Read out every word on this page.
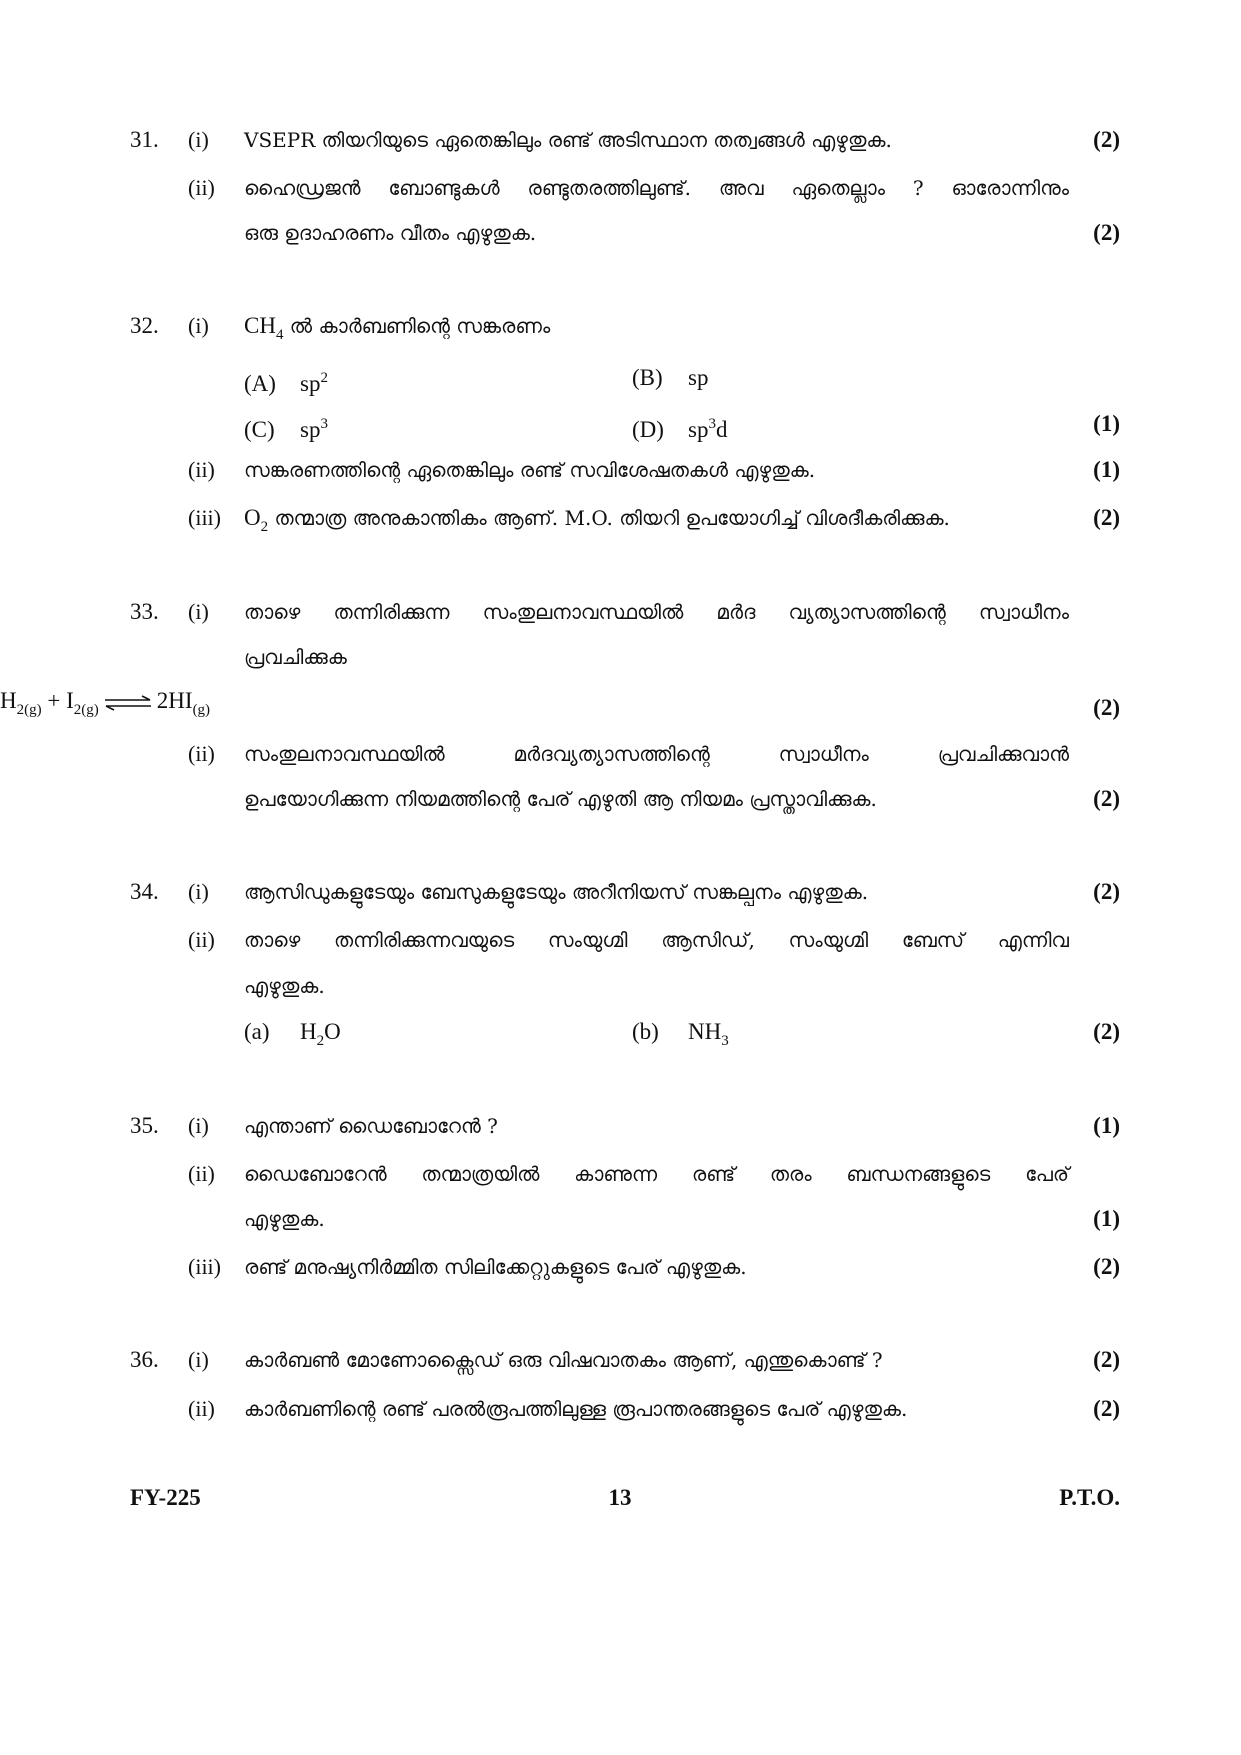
31. (i) VSEPR തിയറിയുടെ ഏതെങ്കിലും രണ്ട് അടിസ്ഥാന തത്വങ്ങൾ എഴുതുക.	(2)
(ii) ഹൈഡ്രജൻ ബോണ്ടുകൾ രണ്ടുതരത്തിലുണ്ട്. അവ ഏതെല്ലാം ? ഓരോന്നിനും
ഒരു ഉദാഹരണം വീതം എഴുതുക.	(2)
32. (i) $CH_4$ ൽ കാർബണിന്റെ സങ്കരണം
(A) $sp^2$	(B) sp
(C) $sp^3$	(D) $sp^3d$	(1)
(ii) സങ്കരണത്തിന്റെ ഏതെങ്കിലും രണ്ട് സവിശേഷതകൾ എഴുതുക.	(1)
(iii) $O_2$ തന്മാത്ര അനുകാന്തികം ആണ്. M.O. തിയറി ഉപയോഗിച്ച് വിശദീകരിക്കുക.	(2)
33. (i) താഴെ തന്നിരിക്കുന്ന സംതുലനാവസ്ഥയിൽ മർദ വ്യത്യാസത്തിന്റെ സ്വാധീനം
പ്രവചിക്കുക
$H_{2(g)} + I_{2(g)}$ ⇌ $2HI_{(g)}$	(2)
(ii) സംതുലനാവസ്ഥയിൽ മർദവ്യത്യാസത്തിന്റെ സ്വാധീനം പ്രവചിക്കുവാൻ
ഉപയോഗിക്കുന്ന നിയമത്തിന്റെ പേര് എഴുതി ആ നിയമം പ്രസ്താവിക്കുക.	(2)
34. (i) ആസിഡുകളുടേയും ബേസുകളുടേയും അറീനിയസ് സങ്കല്പനം എഴുതുക.	(2)
(ii) താഴെ തന്നിരിക്കുന്നവയുടെ സംയുഗ്മി ആസിഡ്, സംയുഗ്മി ബേസ് എന്നിവ
എഴുതുക.
(a) $H_2O$	(b) $NH_3$	(2)
35. (i) എന്താണ് ഡൈബോറേൻ ?	(1)
(ii) ഡൈബോറേൻ തന്മാത്രയിൽ കാണുന്ന രണ്ട് തരം ബന്ധനങ്ങളുടെ പേര്
എഴുതുക.	(1)
(iii) രണ്ട് മനുഷ്യനിർമ്മിത സിലിക്കേറ്റുകളുടെ പേര് എഴുതുക.	(2)
36. (i) കാർബൺ മോണോക്സൈഡ് ഒരു വിഷവാതകം ആണ്, എന്തുകൊണ്ട് ?	(2)
(ii) കാർബണിന്റെ രണ്ട് പരൽരൂപത്തിലുള്ള രൂപാന്തരങ്ങളുടെ പേര് എഴുതുക.	(2)
FY-225	13	P.T.O.
